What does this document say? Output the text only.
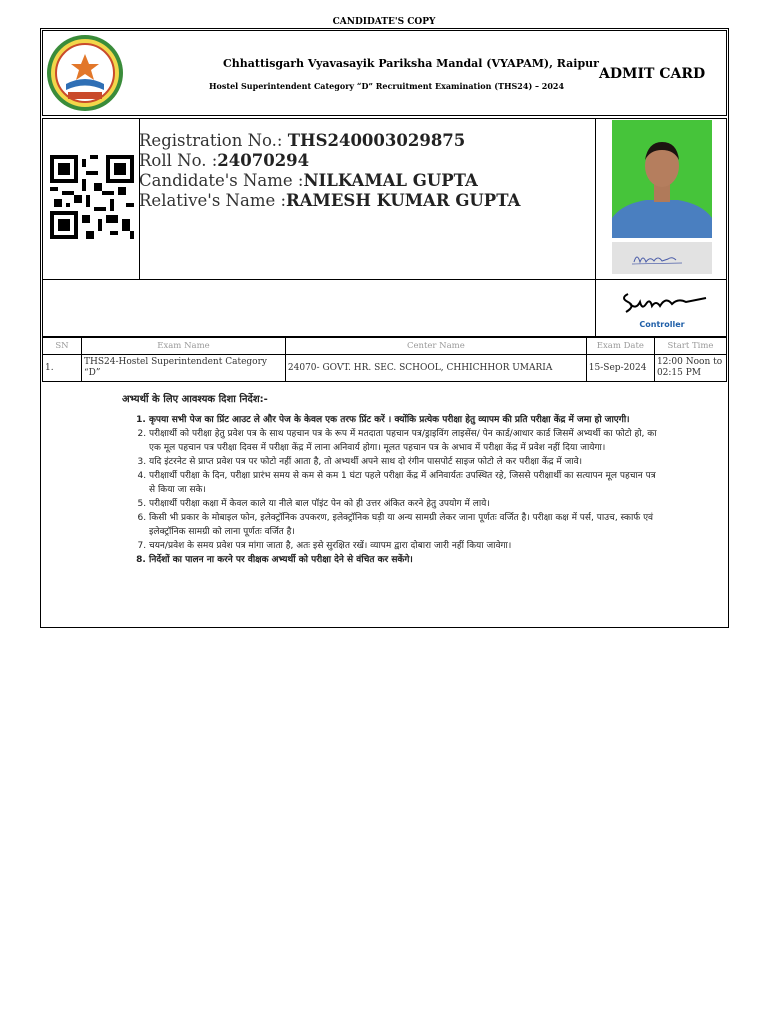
CANDIDATE'S COPY
Chhattisgarh Vyavasayik Pariksha Mandal (VYAPAM), Raipur
Hostel Superintendent Category “D” Recruitment Examination (THS24) – 2024
ADMIT CARD
Registration No.: THS240003029875
Roll No. :24070294
Candidate's Name :NILKAMAL GUPTA
Relative's Name :RAMESH KUMAR GUPTA
Controller
SN	Exam Name	Center Name	Exam Date	Start Time
1.	THS24-Hostel Superintendent Category “D”	24070- GOVT. HR. SEC. SCHOOL, CHHICHHOR UMARIA	15-Sep-2024	12:00 Noon to 02:15 PM
अभ्यर्थी के लिए आवश्यक दिशा निर्देश:-
1. कृपया सभी पेज का प्रिंट आउट ले और पेज के केवल एक तरफ प्रिंट करें । क्योंकि प्रत्येक परीक्षा हेतु व्यापम की प्रति परीक्षा केंद्र में जमा हो जाएगी।
2. परीक्षार्थी को परीक्षा हेतु प्रवेश पत्र के साथ पहचान पत्र के रूप में मतदाता पहचान पत्र/ड्राइविंग लाइसेंस/ पेन कार्ड/आधार कार्ड जिसमें अभ्यर्थी का फोटो हो, का एक मूल पहचान पत्र परीक्षा दिवस में परीक्षा केंद्र में लाना अनिवार्य होगा। मूलत पहचान पत्र के अभाव में परीक्षा केंद्र में प्रवेश नहीं दिया जायेगा।
3. यदि इंटरनेट से प्राप्त प्रवेश पत्र पर फोटो नहीं आता है, तो अभ्यर्थी अपने साथ दो रंगीन पासपोर्ट साइज फोटो ले कर परीक्षा केंद्र में जावे।
4. परीक्षार्थी परीक्षा के दिन, परीक्षा प्रारंभ समय से कम से कम 1 घंटा पहले परीक्षा केंद्र में अनिवार्यतः उपस्थित रहे, जिससे परीक्षार्थी का सत्यापन मूल पहचान पत्र से किया जा सके।
5. परीक्षार्थी परीक्षा कक्षा में केवल काले या नीले बाल पॉइंट पेन को ही उत्तर अंकित करने हेतु उपयोग में लाये।
6. किसी भी प्रकार के मोबाइल फोन, इलेक्ट्रॉनिक उपकरण, इलेक्ट्रॉनिक घड़ी या अन्य सामग्री लेकर जाना पूर्णतः वर्जित है। परीक्षा कक्ष में पर्स, पाउच, स्कार्फ एवं इलेक्ट्रॉनिक सामग्री को लाना पूर्णतः वर्जित है।
7. चयन/प्रवेश के समय प्रवेश पत्र मांगा जाता है, अतः इसे सुरक्षित रखें। व्यापम द्वारा दोबारा जारी नहीं किया जावेगा।
8. निर्देशों का पालन ना करने पर वीक्षक अभ्यर्थी को परीक्षा देने से वंचित कर सकेंगे।
